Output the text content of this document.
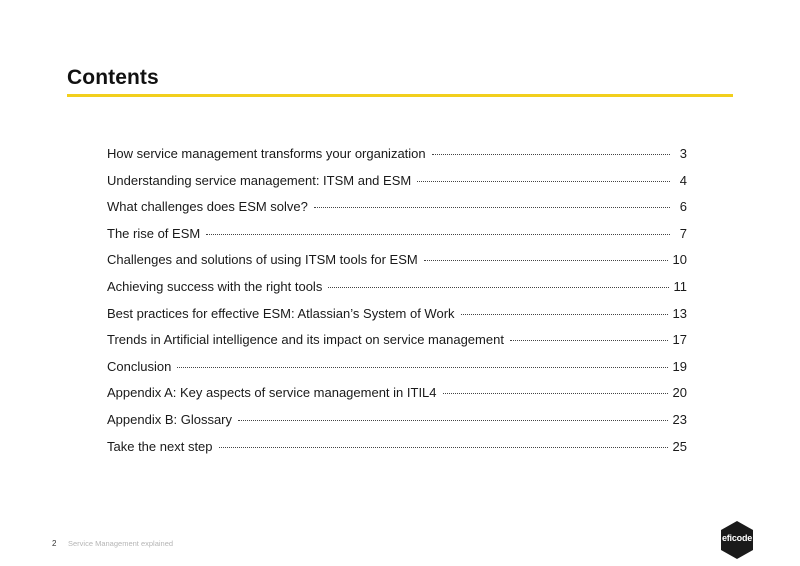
Contents
How service management transforms your organization	3
Understanding service management: ITSM and ESM	4
What challenges does ESM solve?	6
The rise of ESM	7
Challenges and solutions of using ITSM tools for ESM	10
Achieving success with the right tools	11
Best practices for effective ESM: Atlassian’s System of Work	13
Trends in Artificial intelligence and its impact on service management	17
Conclusion	19
Appendix A: Key aspects of service management in ITIL4	20
Appendix B: Glossary	23
Take the next step	25
2 Service Management explained
eficode
